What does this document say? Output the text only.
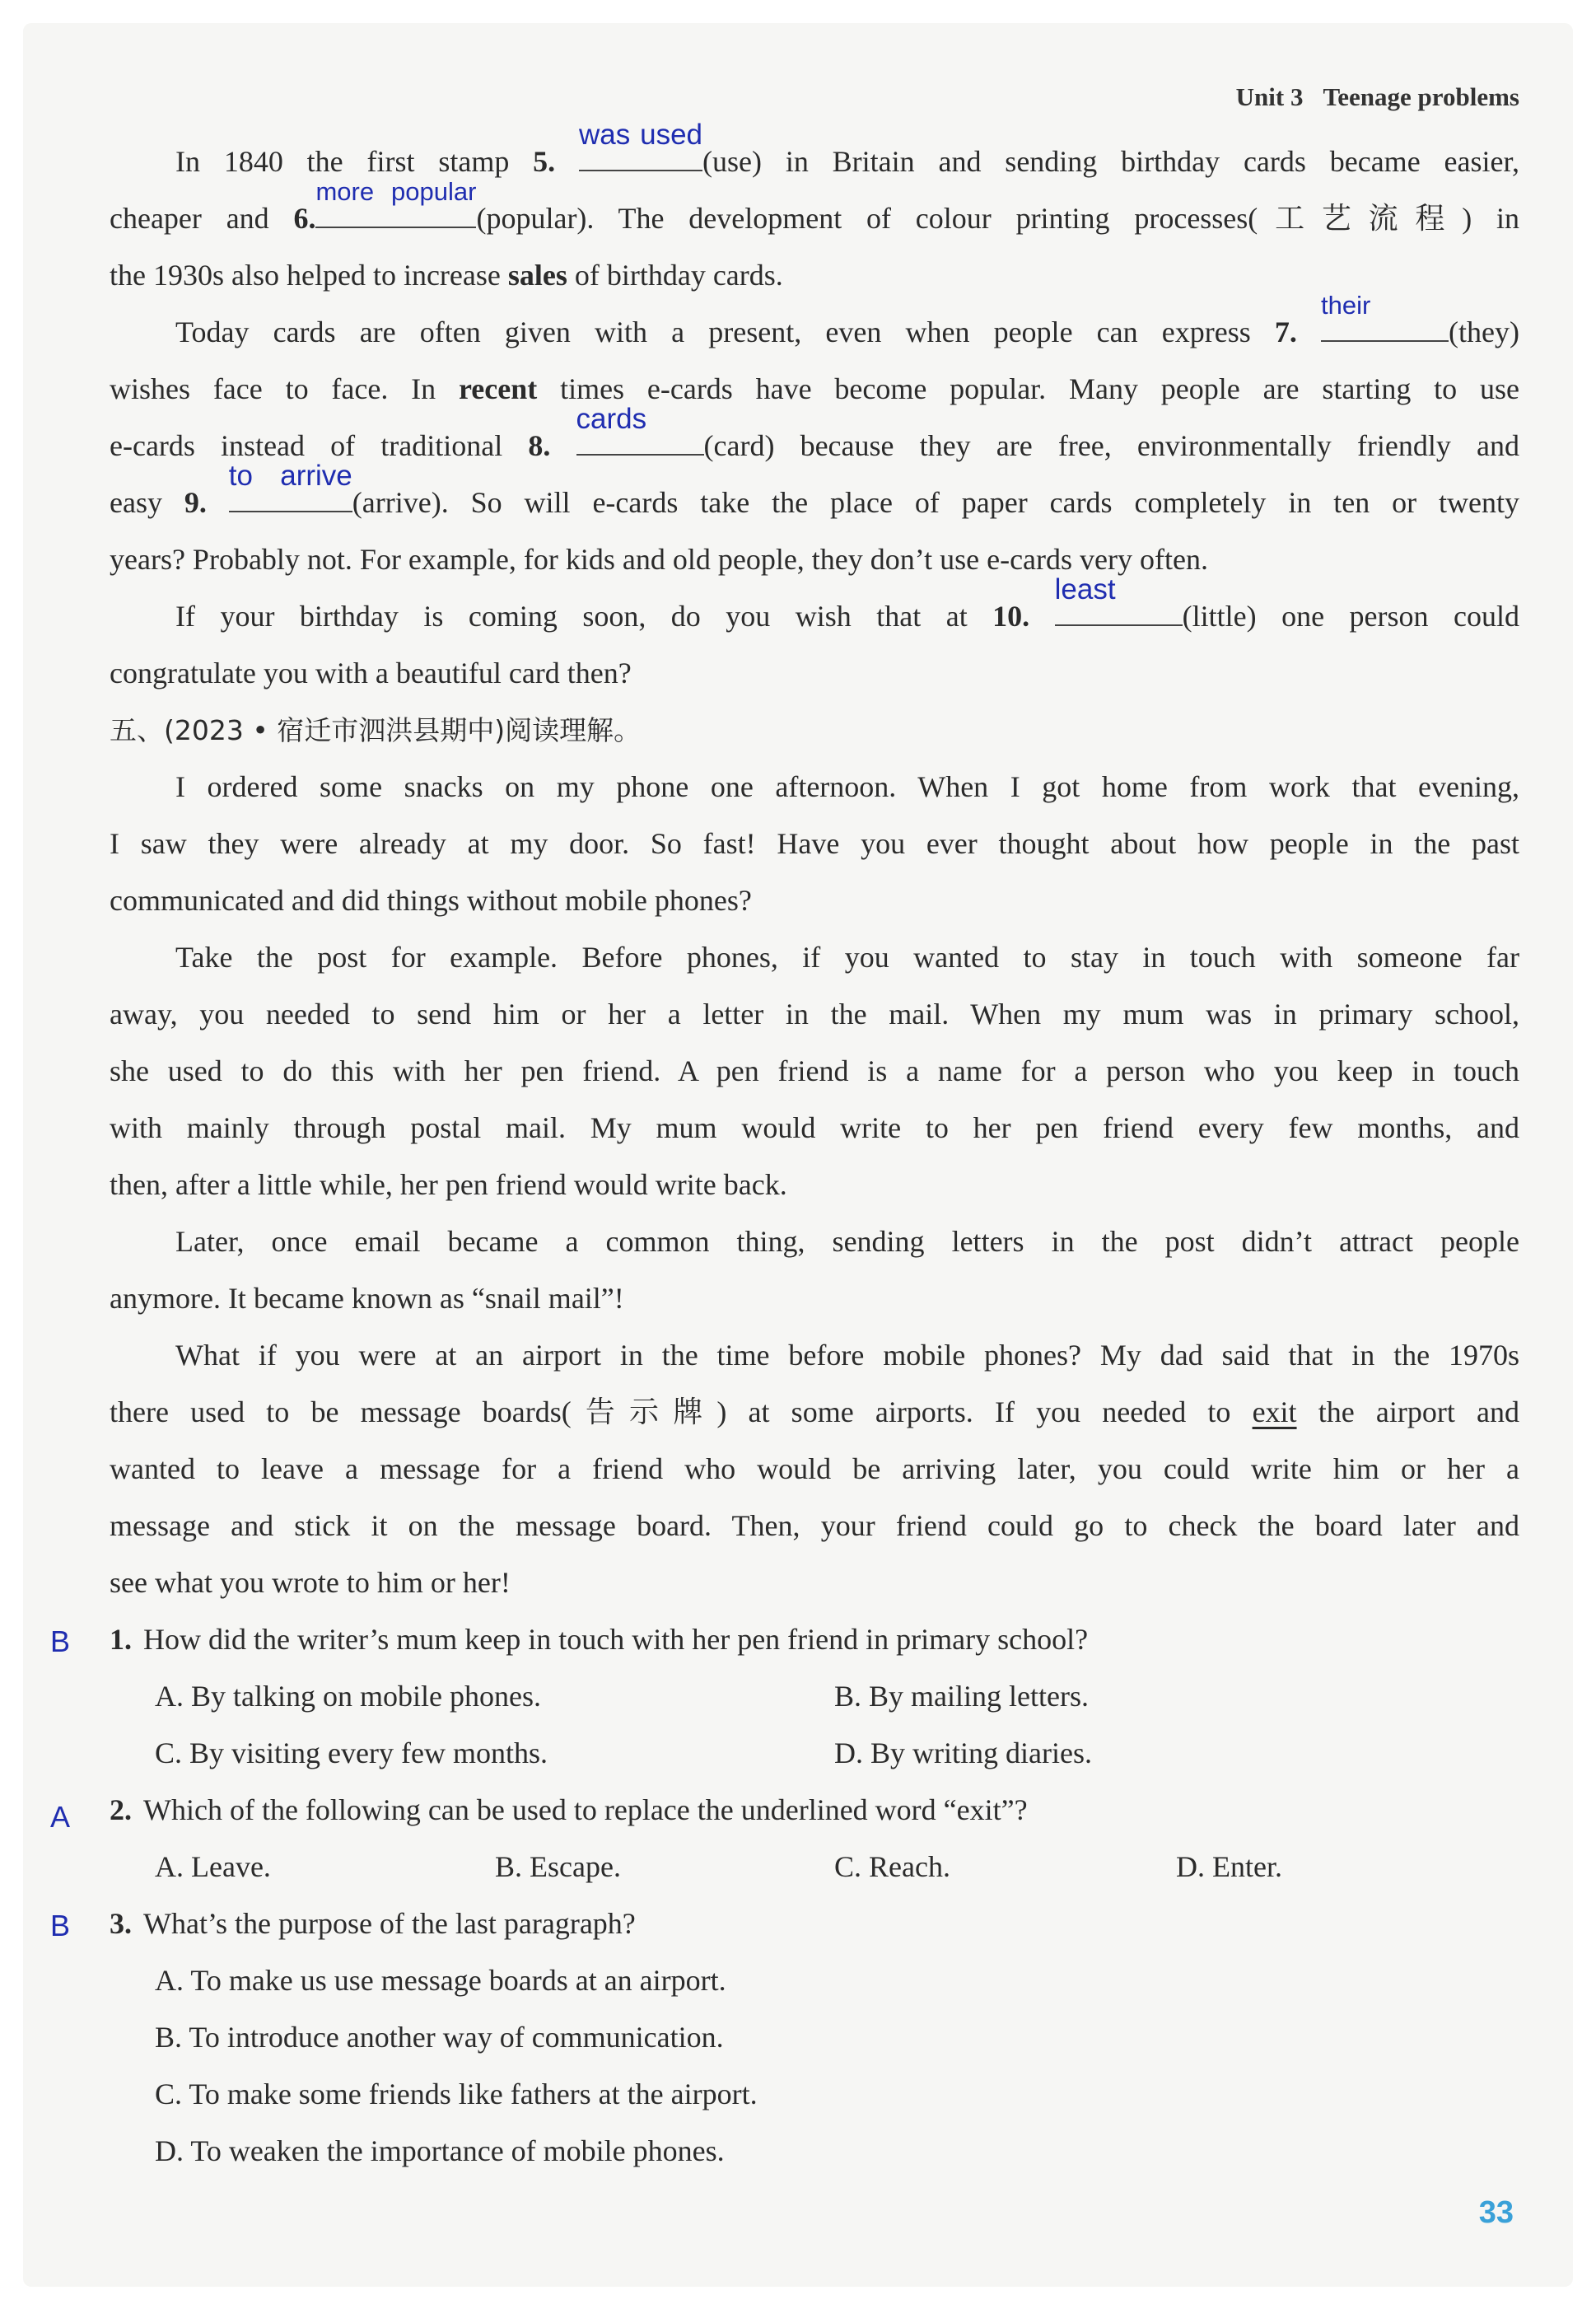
Unit 3 Teenage problems

In 1840 the first stamp 5.
was used
(use) in Britain and sending birthday cards became easier,

cheaper and 6.
more popular
(popular). The development of colour printing processes(工艺流程) in

the 1930s also helped to increase sales of birthday cards.

Today cards are often given with a present, even when people can express 7.
their
(they)

wishes face to face. In recent times e-cards have become popular. Many people are starting to use

e-cards instead of traditional 8.
cards
(card) because they are free, environmentally friendly and

easy 9.
to arrive
(arrive). So will e-cards take the place of paper cards completely in ten or twenty

years? Probably not. For example, for kids and old people, they don’t use e-cards very often.

If your birthday is coming soon, do you wish that at 10.
least
(little) one person could

congratulate you with a beautiful card then?

五、(2023 • 宿迁市泗洪县期中)阅读理解。

I ordered some snacks on my phone one afternoon. When I got home from work that evening,

I saw they were already at my door. So fast! Have you ever thought about how people in the past

communicated and did things without mobile phones?

Take the post for example. Before phones, if you wanted to stay in touch with someone far

away, you needed to send him or her a letter in the mail. When my mum was in primary school,

she used to do this with her pen friend. A pen friend is a name for a person who you keep in touch

with mainly through postal mail. My mum would write to her pen friend every few months, and

then, after a little while, her pen friend would write back.

Later, once email became a common thing, sending letters in the post didn’t attract people

anymore. It became known as “snail mail”!

What if you were at an airport in the time before mobile phones? My dad said that in the 1970s

there used to be message boards(告示牌) at some airports. If you needed to exit the airport and

wanted to leave a message for a friend who would be arriving later, you could write him or her a

message and stick it on the message board. Then, your friend could go to check the board later and

see what you wrote to him or her!

B 1. How did the writer’s mum keep in touch with her pen friend in primary school?

A. By talking on mobile phones.	B. By mailing letters.
C. By visiting every few months.	D. By writing diaries.

A 2. Which of the following can be used to replace the underlined word “exit”?

A. Leave.	B. Escape.	C. Reach.	D. Enter.

B 3. What’s the purpose of the last paragraph?

A. To make us use message boards at an airport.

B. To introduce another way of communication.

C. To make some friends like fathers at the airport.

D. To weaken the importance of mobile phones.

33
